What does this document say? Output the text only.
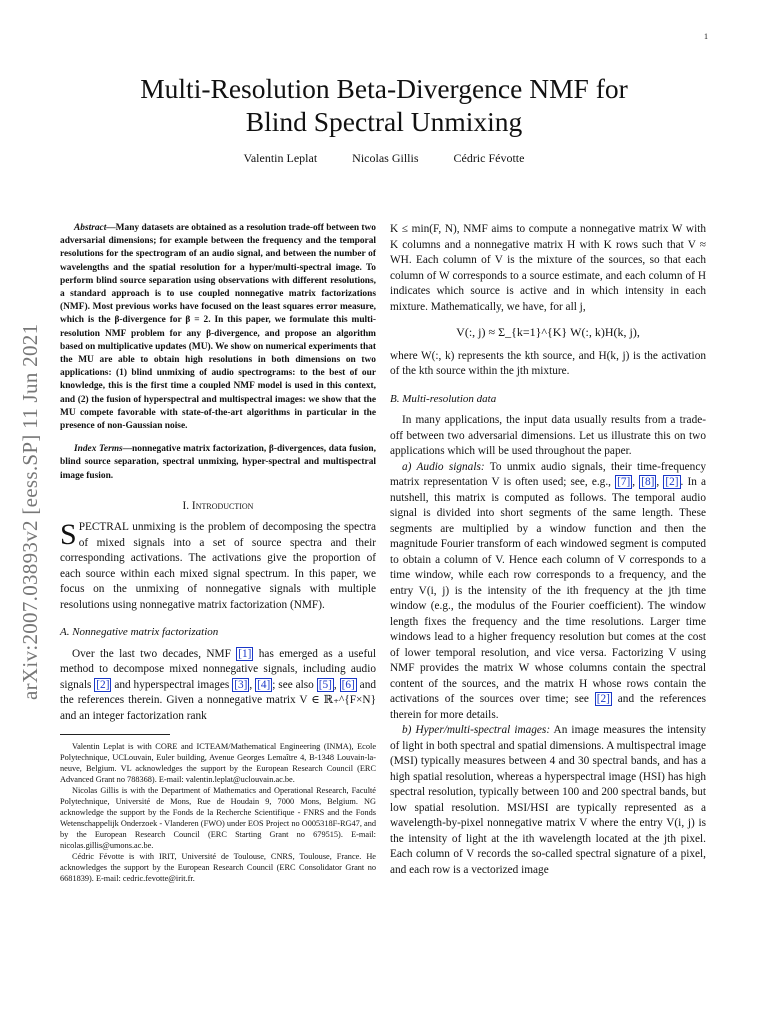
1
arXiv:2007.03893v2 [eess.SP] 11 Jun 2021
Multi-Resolution Beta-Divergence NMF for
Blind Spectral Unmixing
Valentin Leplat	Nicolas Gillis	Cédric Févotte

Abstract—Many datasets are obtained as a resolution trade-off between two adversarial dimensions; for example between the frequency and the temporal resolutions for the spectrogram of an audio signal, and between the number of wavelengths and the spatial resolution for a hyper/multi-spectral image. To perform blind source separation using observations with different resolutions, a standard approach is to use coupled nonnegative matrix factorizations (NMF). Most previous works have focused on the least squares error measure, which is the β-divergence for β = 2. In this paper, we formulate this multi-resolution NMF problem for any β-divergence, and propose an algorithm based on multiplicative updates (MU). We show on numerical experiments that the MU are able to obtain high resolutions in both dimensions on two applications: (1) blind unmixing of audio spectrograms: to the best of our knowledge, this is the first time a coupled NMF model is used in this context, and (2) the fusion of hyperspectral and multispectral images: we show that the MU compete favorable with state-of-the-art algorithms in particular in the presence of non-Gaussian noise.

Index Terms—nonnegative matrix factorization, β-divergences, data fusion, blind source separation, spectral unmixing, hyper-spectral and multispectral image fusion.

I. Introduction

SPECTRAL unmixing is the problem of decomposing the spectra of mixed signals into a set of source spectra and their corresponding activations. The activations give the proportion of each source within each mixed signal spectrum. In this paper, we focus on the unmixing of nonnegative signals with multiple resolutions using nonnegative matrix factorization (NMF).

A. Nonnegative matrix factorization

Over the last two decades, NMF [1] has emerged as a useful method to decompose mixed nonnegative signals, including audio signals [2] and hyperspectral images [3] , [4] ; see also [5] , [6] and the references therein. Given a nonnegative matrix V ∈ ℝ₊^{F×N} and an integer factorization rank

Valentin Leplat is with CORE and ICTEAM/Mathematical Engineering (INMA), Ecole Polytechnique, UCLouvain, Euler building, Avenue Georges Lemaître 4, B-1348 Louvain-la-neuve, Belgium. VL acknowledges the support by the European Research Council (ERC Advanced Grant no 788368). E-mail: valentin.leplat@uclouvain.ac.be.

Nicolas Gillis is with the Department of Mathematics and Operational Research, Faculté Polytechnique, Université de Mons, Rue de Houdain 9, 7000 Mons, Belgium. NG acknowledge the support by the Fonds de la Recherche Scientifique - FNRS and the Fonds Wetenschappelijk Onderzoek - Vlanderen (FWO) under EOS Project no O005318F-RG47, and by the European Research Council (ERC Starting Grant no 679515). E-mail: nicolas.gillis@umons.ac.be.

Cédric Févotte is with IRIT, Université de Toulouse, CNRS, Toulouse, France. He acknowledges the support by the European Research Council (ERC Consolidator Grant no 6681839). E-mail: cedric.fevotte@irit.fr.

K ≤ min(F, N), NMF aims to compute a nonnegative matrix W with K columns and a nonnegative matrix H with K rows such that V ≈ WH. Each column of V is the mixture of the sources, so that each column of W corresponds to a source estimate, and each column of H indicates which source is active and in which intensity in each mixture. Mathematically, we have, for all j,

V(:, j) ≈ Σ_{k=1}^{K} W(:, k)H(k, j),

where W(:, k) represents the kth source, and H(k, j) is the activation of the kth source within the jth mixture.

B. Multi-resolution data

In many applications, the input data usually results from a trade-off between two adversarial dimensions. Let us illustrate this on two applications which will be used throughout the paper.

a) Audio signals: To unmix audio signals, their time-frequency matrix representation V is often used; see, e.g., [7] , [8] , [2] . In a nutshell, this matrix is computed as follows. The temporal audio signal is divided into short segments of the same length. These segments are multiplied by a window function and then the magnitude Fourier transform of each windowed segment is computed to obtain a column of V. Hence each column of V corresponds to a time window, while each row corresponds to a frequency, and the entry V(i, j) is the intensity of the ith frequency at the jth time window (e.g., the modulus of the Fourier coefficient). The window length fixes the frequency and the time resolutions. Larger time windows lead to a higher frequency resolution but comes at the cost of lower temporal resolution, and vice versa. Factorizing V using NMF provides the matrix W whose columns contain the spectral content of the sources, and the matrix H whose rows contain the activations of the sources over time; see [2] and the references therein for more details.

b) Hyper/multi-spectral images: An image measures the intensity of light in both spectral and spatial dimensions. A multispectral image (MSI) typically measures between 4 and 30 spectral bands, and has a high spatial resolution, whereas a hyperspectral image (HSI) has high spectral resolution, typically between 100 and 200 spectral bands, but low spatial resolution. MSI/HSI are typically represented as a wavelength-by-pixel nonnegative matrix V where the entry V(i, j) is the intensity of light at the ith wavelength located at the jth pixel. Each column of V records the so-called spectral signature of a pixel, and each row is a vectorized image
